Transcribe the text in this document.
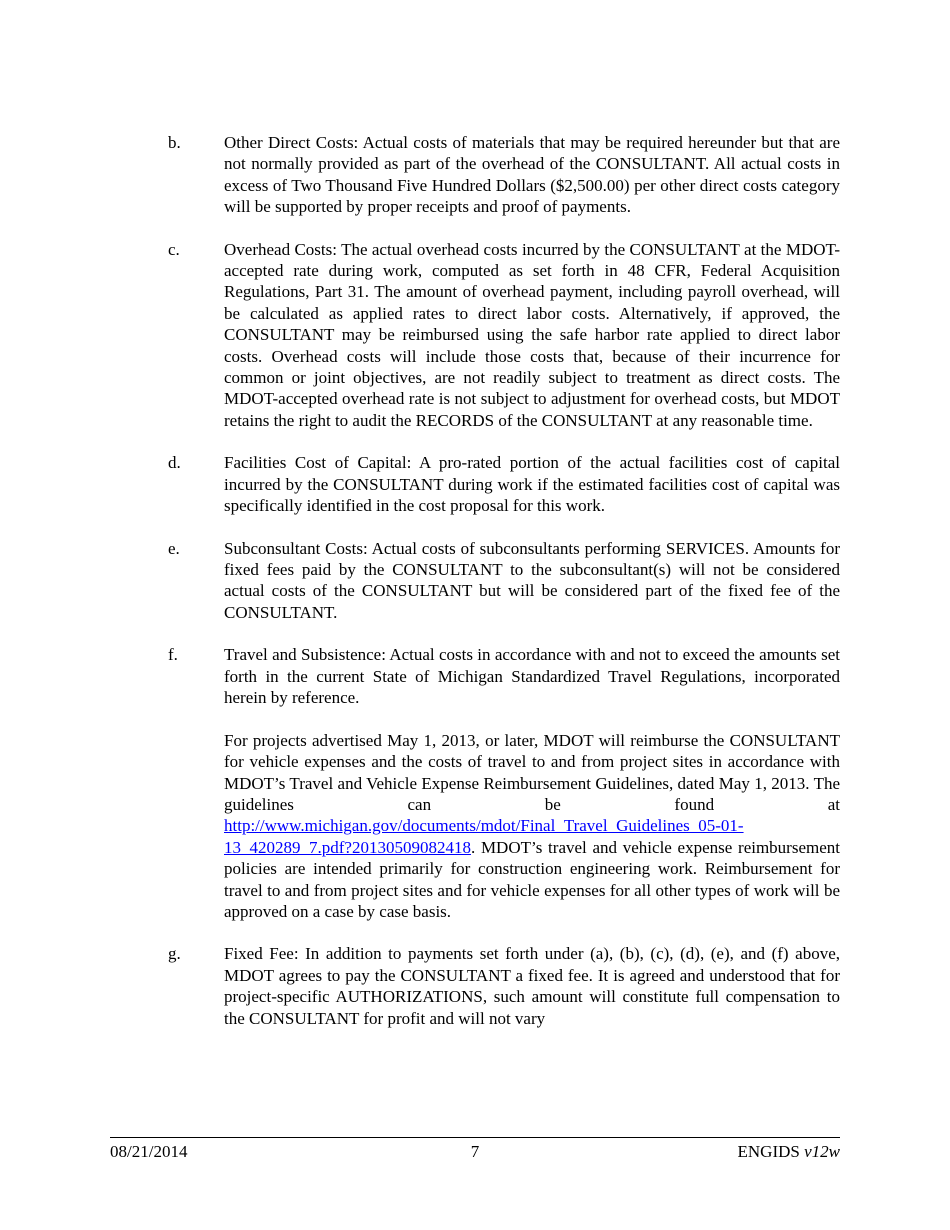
b.	Other Direct Costs: Actual costs of materials that may be required hereunder but that are not normally provided as part of the overhead of the CONSULTANT. All actual costs in excess of Two Thousand Five Hundred Dollars ($2,500.00) per other direct costs category will be supported by proper receipts and proof of payments.

c.	Overhead Costs: The actual overhead costs incurred by the CONSULTANT at the MDOT-accepted rate during work, computed as set forth in 48 CFR, Federal Acquisition Regulations, Part 31. The amount of overhead payment, including payroll overhead, will be calculated as applied rates to direct labor costs. Alternatively, if approved, the CONSULTANT may be reimbursed using the safe harbor rate applied to direct labor costs. Overhead costs will include those costs that, because of their incurrence for common or joint objectives, are not readily subject to treatment as direct costs. The MDOT-accepted overhead rate is not subject to adjustment for overhead costs, but MDOT retains the right to audit the RECORDS of the CONSULTANT at any reasonable time.

d.	Facilities Cost of Capital: A pro-rated portion of the actual facilities cost of capital incurred by the CONSULTANT during work if the estimated facilities cost of capital was specifically identified in the cost proposal for this work.

e.	Subconsultant Costs: Actual costs of subconsultants performing SERVICES. Amounts for fixed fees paid by the CONSULTANT to the subconsultant(s) will not be considered actual costs of the CONSULTANT but will be considered part of the fixed fee of the CONSULTANT.

f.	Travel and Subsistence: Actual costs in accordance with and not to exceed the amounts set forth in the current State of Michigan Standardized Travel Regulations, incorporated herein by reference.

For projects advertised May 1, 2013, or later, MDOT will reimburse the CONSULTANT for vehicle expenses and the costs of travel to and from project sites in accordance with MDOT’s Travel and Vehicle Expense Reimbursement Guidelines, dated May 1, 2013. The guidelines can be found at http://www.michigan.gov/documents/mdot/Final_Travel_Guidelines_05-01-13_420289_7.pdf?20130509082418. MDOT’s travel and vehicle expense reimbursement policies are intended primarily for construction engineering work. Reimbursement for travel to and from project sites and for vehicle expenses for all other types of work will be approved on a case by case basis.

g.	Fixed Fee: In addition to payments set forth under (a), (b), (c), (d), (e), and (f) above, MDOT agrees to pay the CONSULTANT a fixed fee. It is agreed and understood that for project-specific AUTHORIZATIONS, such amount will constitute full compensation to the CONSULTANT for profit and will not vary

08/21/2014	7	ENGIDS v12w
